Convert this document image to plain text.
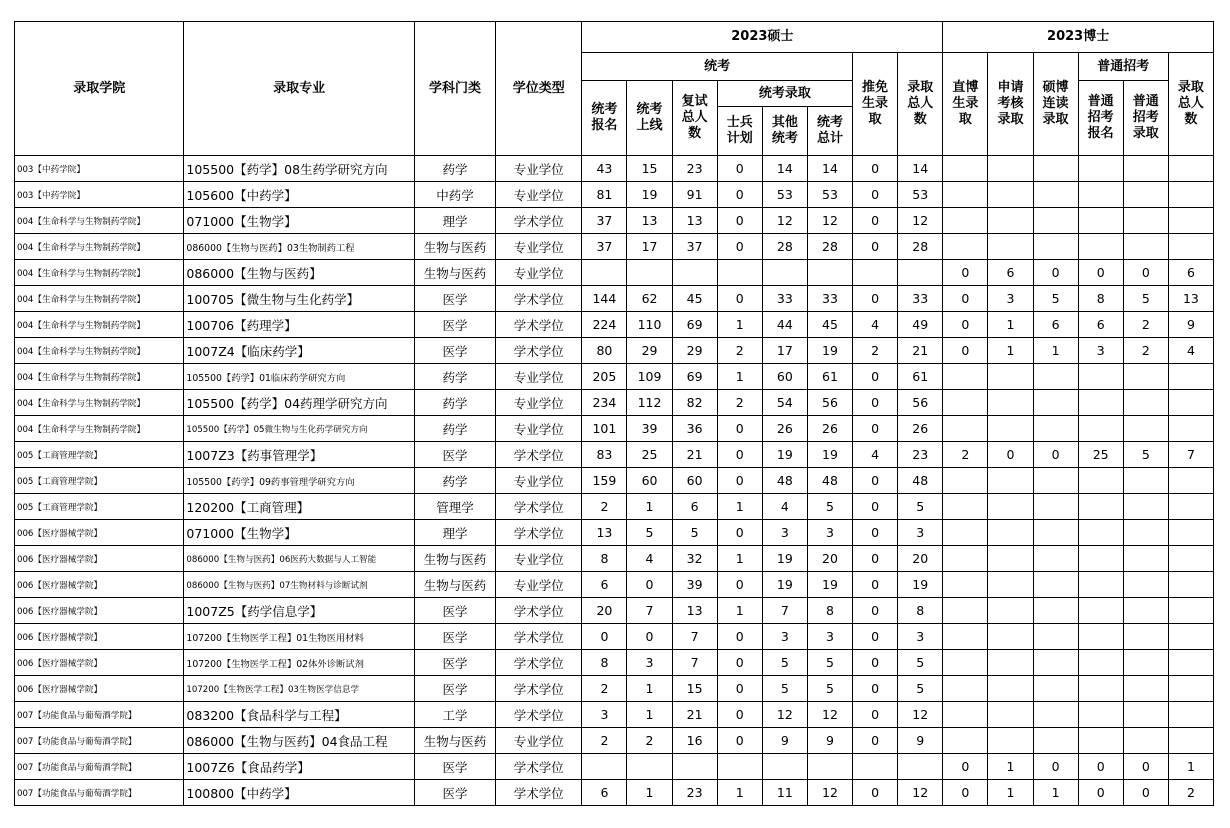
录取学院	录取专业	学科门类	学位类型	2023硕士								2023博士					
				统考						推免生录取	录取总人数	直博生录取	申请考核录取	硕博连读录取	普通招考		录取总人数
				统考报名	统考上线	复试总人数	统考录取								普通招考报名	普通招考录取	
							士兵计划	其他统考	统考总计								
003【中药学院】	105500【药学】08生药学研究方向	药学	专业学位	43	15	23	0	14	14	0	14						
003【中药学院】	105600【中药学】	中药学	专业学位	81	19	91	0	53	53	0	53						
004【生命科学与生物制药学院】	071000【生物学】	理学	学术学位	37	13	13	0	12	12	0	12						
004【生命科学与生物制药学院】	086000【生物与医药】03生物制药工程	生物与医药	专业学位	37	17	37	0	28	28	0	28						
004【生命科学与生物制药学院】	086000【生物与医药】	生物与医药	专业学位									0	6	0	0	0	6
004【生命科学与生物制药学院】	100705【微生物与生化药学】	医学	学术学位	144	62	45	0	33	33	0	33	0	3	5	8	5	13
004【生命科学与生物制药学院】	100706【药理学】	医学	学术学位	224	110	69	1	44	45	4	49	0	1	6	6	2	9
004【生命科学与生物制药学院】	1007Z4【临床药学】	医学	学术学位	80	29	29	2	17	19	2	21	0	1	1	3	2	4
004【生命科学与生物制药学院】	105500【药学】01临床药学研究方向	药学	专业学位	205	109	69	1	60	61	0	61						
004【生命科学与生物制药学院】	105500【药学】04药理学研究方向	药学	专业学位	234	112	82	2	54	56	0	56						
004【生命科学与生物制药学院】	105500【药学】05微生物与生化药学研究方向	药学	专业学位	101	39	36	0	26	26	0	26						
005【工商管理学院】	1007Z3【药事管理学】	医学	学术学位	83	25	21	0	19	19	4	23	2	0	0	25	5	7
005【工商管理学院】	105500【药学】09药事管理学研究方向	药学	专业学位	159	60	60	0	48	48	0	48						
005【工商管理学院】	120200【工商管理】	管理学	学术学位	2	1	6	1	4	5	0	5						
006【医疗器械学院】	071000【生物学】	理学	学术学位	13	5	5	0	3	3	0	3						
006【医疗器械学院】	086000【生物与医药】06医药大数据与人工智能	生物与医药	专业学位	8	4	32	1	19	20	0	20						
006【医疗器械学院】	086000【生物与医药】07生物材料与诊断试剂	生物与医药	专业学位	6	0	39	0	19	19	0	19						
006【医疗器械学院】	1007Z5【药学信息学】	医学	学术学位	20	7	13	1	7	8	0	8						
006【医疗器械学院】	107200【生物医学工程】01生物医用材料	医学	学术学位	0	0	7	0	3	3	0	3						
006【医疗器械学院】	107200【生物医学工程】02体外诊断试剂	医学	学术学位	8	3	7	0	5	5	0	5						
006【医疗器械学院】	107200【生物医学工程】03生物医学信息学	医学	学术学位	2	1	15	0	5	5	0	5						
007【功能食品与葡萄酒学院】	083200【食品科学与工程】	工学	学术学位	3	1	21	0	12	12	0	12						
007【功能食品与葡萄酒学院】	086000【生物与医药】04食品工程	生物与医药	专业学位	2	2	16	0	9	9	0	9						
007【功能食品与葡萄酒学院】	1007Z6【食品药学】	医学	学术学位									0	1	0	0	0	1
007【功能食品与葡萄酒学院】	100800【中药学】	医学	学术学位	6	1	23	1	11	12	0	12	0	1	1	0	0	2
